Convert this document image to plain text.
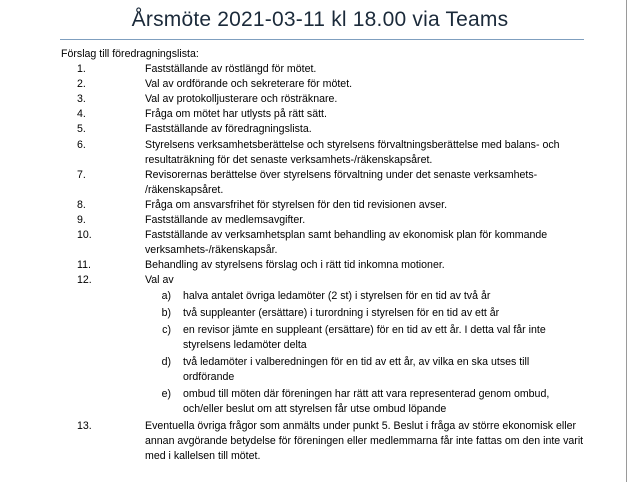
Årsmöte 2021-03-11 kl 18.00 via Teams
Förslag till föredragningslista:
1.	Fastställande av röstlängd för mötet.
2.	Val av ordförande och sekreterare för mötet.
3.	Val av protokolljusterare och rösträknare.
4.	Fråga om mötet har utlysts på rätt sätt.
5.	Fastställande av föredragningslista.
6.	Styrelsens verksamhetsberättelse och styrelsens förvaltningsberättelse med balans- och resultaträkning för det senaste verksamhets-/räkenskapsåret.
7.	Revisorernas berättelse över styrelsens förvaltning under det senaste verksamhets- /räkenskapsåret.
8.	Fråga om ansvarsfrihet för styrelsen för den tid revisionen avser.
9.	Fastställande av medlemsavgifter.
10.	Fastställande av verksamhetsplan samt behandling av ekonomisk plan för kommande verksamhets-/räkenskapsår.
11.	Behandling av styrelsens förslag och i rätt tid inkomna motioner.
12.	Val av
a)	halva antalet övriga ledamöter (2 st) i styrelsen för en tid av två år
b)	två suppleanter (ersättare) i turordning i styrelsen för en tid av ett år
c)	en revisor jämte en suppleant (ersättare) för en tid av ett år. I detta val får inte styrelsens ledamöter delta
d)	två ledamöter i valberedningen för en tid av ett år, av vilka en ska utses till ordförande
e)	ombud till möten där föreningen har rätt att vara representerad genom ombud, och/eller beslut om att styrelsen får utse ombud löpande
13.	Eventuella övriga frågor som anmälts under punkt 5. Beslut i fråga av större ekonomisk eller annan avgörande betydelse för föreningen eller medlemmarna får inte fattas om den inte varit med i kallelsen till mötet.
